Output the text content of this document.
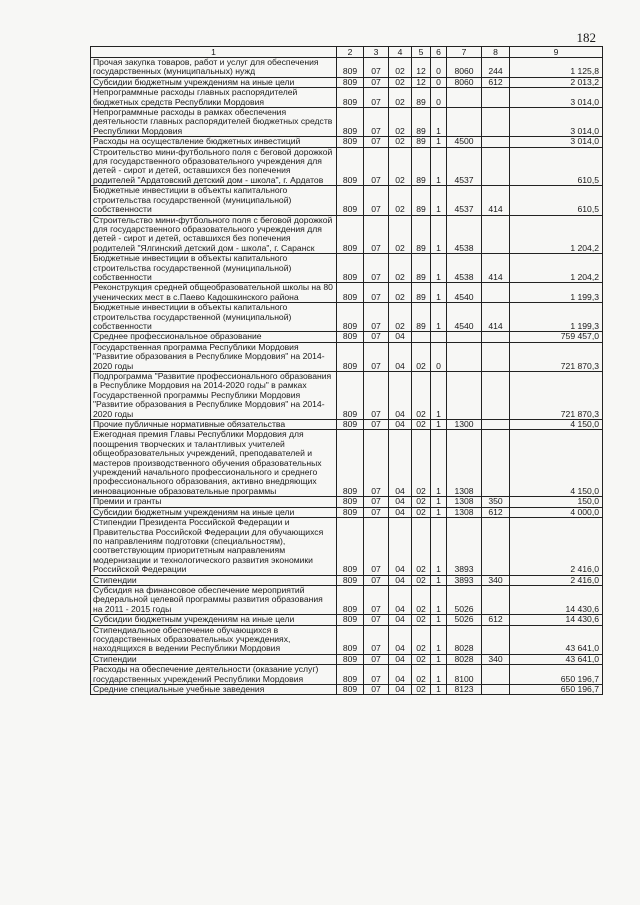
182
1	2	3	4	5	6	7	8	9
Прочая закупка товаров, работ и услуг для обеспечения государственных (муниципальных) нужд	809	07	02	12	0	8060	244	1 125,8
Субсидии бюджетным учреждениям на иные цели	809	07	02	12	0	8060	612	2 013,2
Непрограммные расходы главных распорядителей бюджетных средств Республики Мордовия	809	07	02	89	0			3 014,0
Непрограммные расходы в рамках обеспечения деятельности главных распорядителей бюджетных средств Республики Мордовия	809	07	02	89	1			3 014,0
Расходы на осуществление бюджетных инвестиций	809	07	02	89	1	4500		3 014,0
Строительство мини-футбольного поля с беговой дорожкой для государственного образовательного учреждения для детей - сирот и детей, оставшихся без попечения родителей "Ардатовский детский дом - школа", г. Ардатов	809	07	02	89	1	4537		610,5
Бюджетные инвестиции в объекты капитального строительства государственной (муниципальной) собственности	809	07	02	89	1	4537	414	610,5
Строительство мини-футбольного поля с беговой дорожкой для государственного образовательного учреждения для детей - сирот и детей, оставшихся без попечения родителей "Ялгинский детский дом - школа", г. Саранск	809	07	02	89	1	4538		1 204,2
Бюджетные инвестиции в объекты капитального строительства государственной (муниципальной) собственности	809	07	02	89	1	4538	414	1 204,2
Реконструкция средней общеобразовательной школы на 80 ученических мест в с.Паево Кадошкинского района	809	07	02	89	1	4540		1 199,3
Бюджетные инвестиции в объекты капитального строительства государственной (муниципальной) собственности	809	07	02	89	1	4540	414	1 199,3
Среднее профессиональное образование	809	07	04					759 457,0
Государственная программа Республики Мордовия "Развитие образования в Республике Мордовия" на 2014-2020 годы	809	07	04	02	0			721 870,3
Подпрограмма "Развитие профессионального образования в Республике Мордовия на 2014-2020 годы" в рамках Государственной программы Республики Мордовия "Развитие образования в Республике Мордовия" на 2014-2020 годы	809	07	04	02	1			721 870,3
Прочие публичные нормативные обязательства	809	07	04	02	1	1300		4 150,0
Ежегодная премия Главы Республики Мордовия для поощрения творческих и талантливых учителей общеобразовательных учреждений, преподавателей и мастеров производственного обучения образовательных учреждений начального профессионального и среднего профессионального образования, активно внедряющих инновационные образовательные программы	809	07	04	02	1	1308		4 150,0
Премии и гранты	809	07	04	02	1	1308	350	150,0
Субсидии бюджетным учреждениям на иные цели	809	07	04	02	1	1308	612	4 000,0
Стипендии Президента Российской Федерации и Правительства Российской Федерации для обучающихся по направлениям подготовки (специальностям), соответствующим приоритетным направлениям модернизации и технологического развития экономики Российской Федерации	809	07	04	02	1	3893		2 416,0
Стипендии	809	07	04	02	1	3893	340	2 416,0
Субсидия на финансовое обеспечение мероприятий федеральной целевой программы развития образования на 2011 - 2015 годы	809	07	04	02	1	5026		14 430,6
Субсидии бюджетным учреждениям на иные цели	809	07	04	02	1	5026	612	14 430,6
Стипендиальное обеспечение обучающихся в государственных образовательных учреждениях, находящихся в ведении Республики Мордовия	809	07	04	02	1	8028		43 641,0
Стипендии	809	07	04	02	1	8028	340	43 641,0
Расходы на обеспечение деятельности (оказание услуг) государственных учреждений Республики Мордовия	809	07	04	02	1	8100		650 196,7
Средние специальные учебные заведения	809	07	04	02	1	8123		650 196,7
